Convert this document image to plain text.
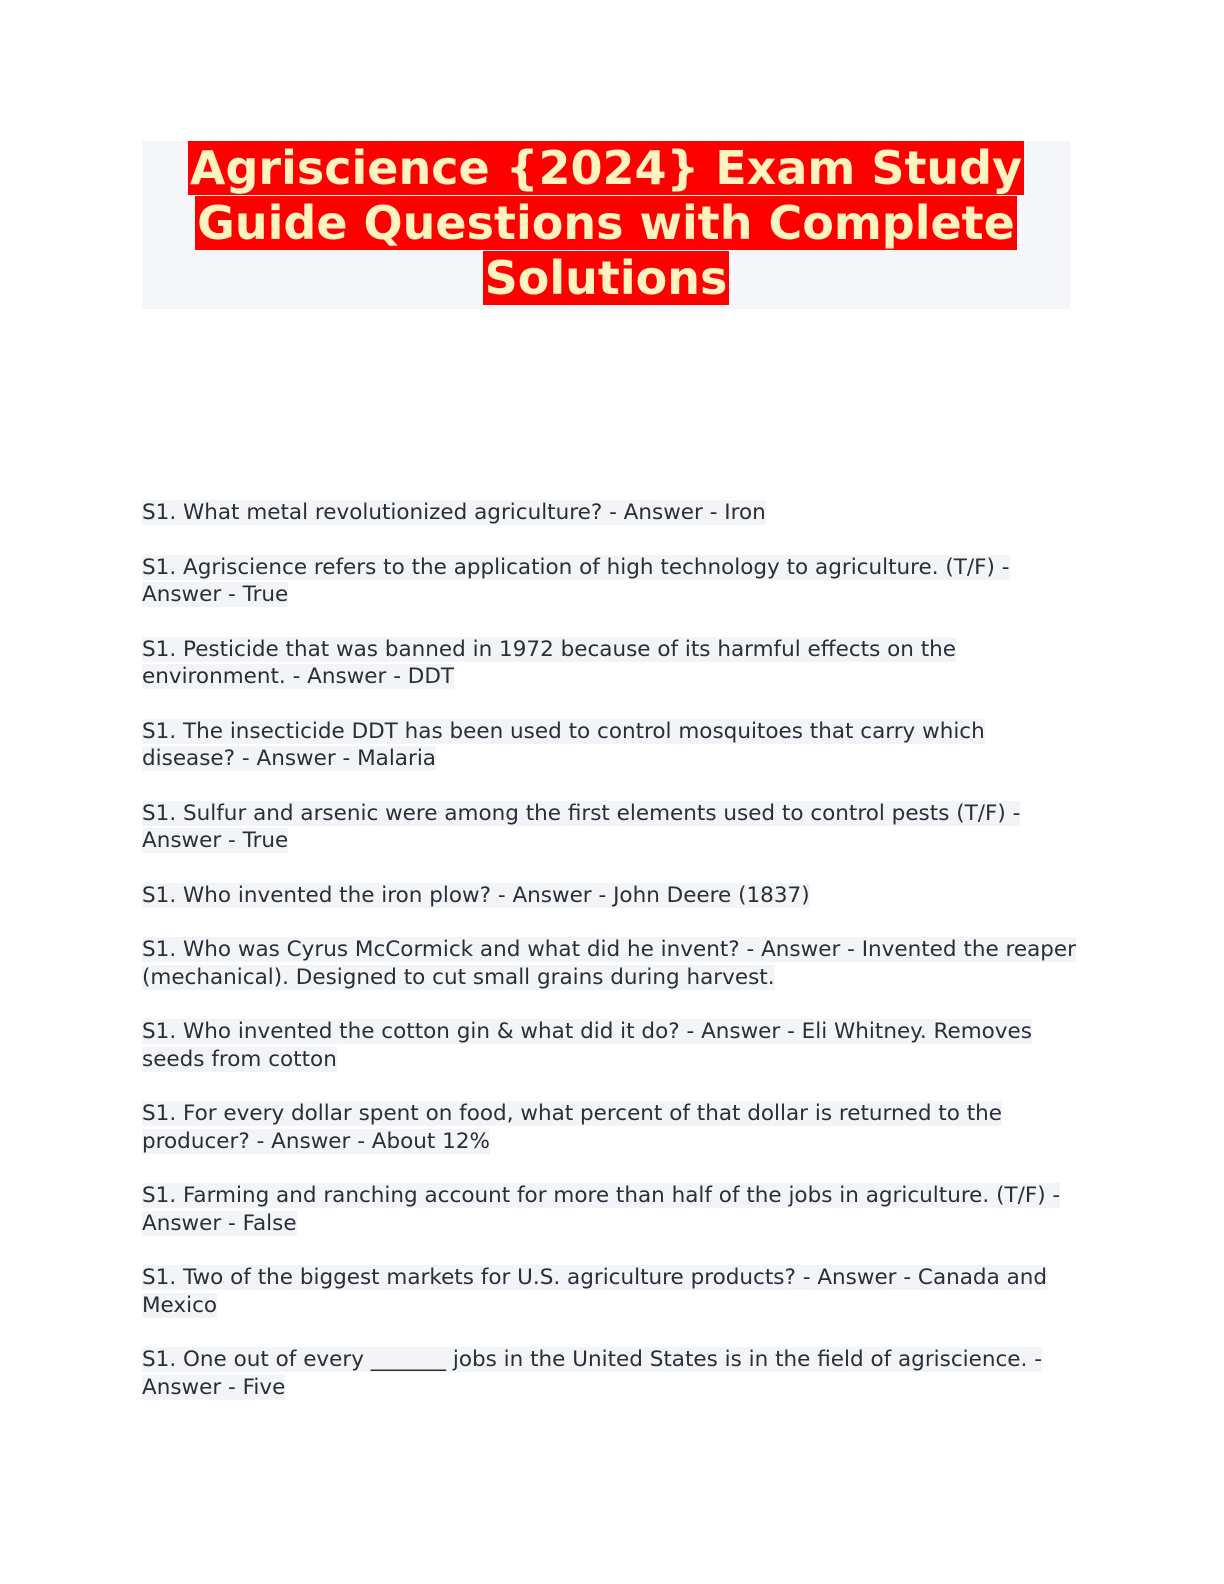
Agriscience {2024} Exam Study
Guide Questions with Complete
Solutions

S1. What metal revolutionized agriculture? - Answer - Iron

S1. Agriscience refers to the application of high technology to agriculture. (T/F) - Answer - True

S1. Pesticide that was banned in 1972 because of its harmful effects on the environment. - Answer - DDT

S1. The insecticide DDT has been used to control mosquitoes that carry which disease? - Answer - Malaria

S1. Sulfur and arsenic were among the first elements used to control pests (T/F) - Answer - True

S1. Who invented the iron plow? - Answer - John Deere (1837)

S1. Who was Cyrus McCormick and what did he invent? - Answer - Invented the reaper (mechanical). Designed to cut small grains during harvest.

S1. Who invented the cotton gin & what did it do? - Answer - Eli Whitney. Removes seeds from cotton

S1. For every dollar spent on food, what percent of that dollar is returned to the producer? - Answer - About 12%

S1. Farming and ranching account for more than half of the jobs in agriculture. (T/F) - Answer - False

S1. Two of the biggest markets for U.S. agriculture products? - Answer - Canada and Mexico

S1. One out of every _______ jobs in the United States is in the field of agriscience. - Answer - Five
